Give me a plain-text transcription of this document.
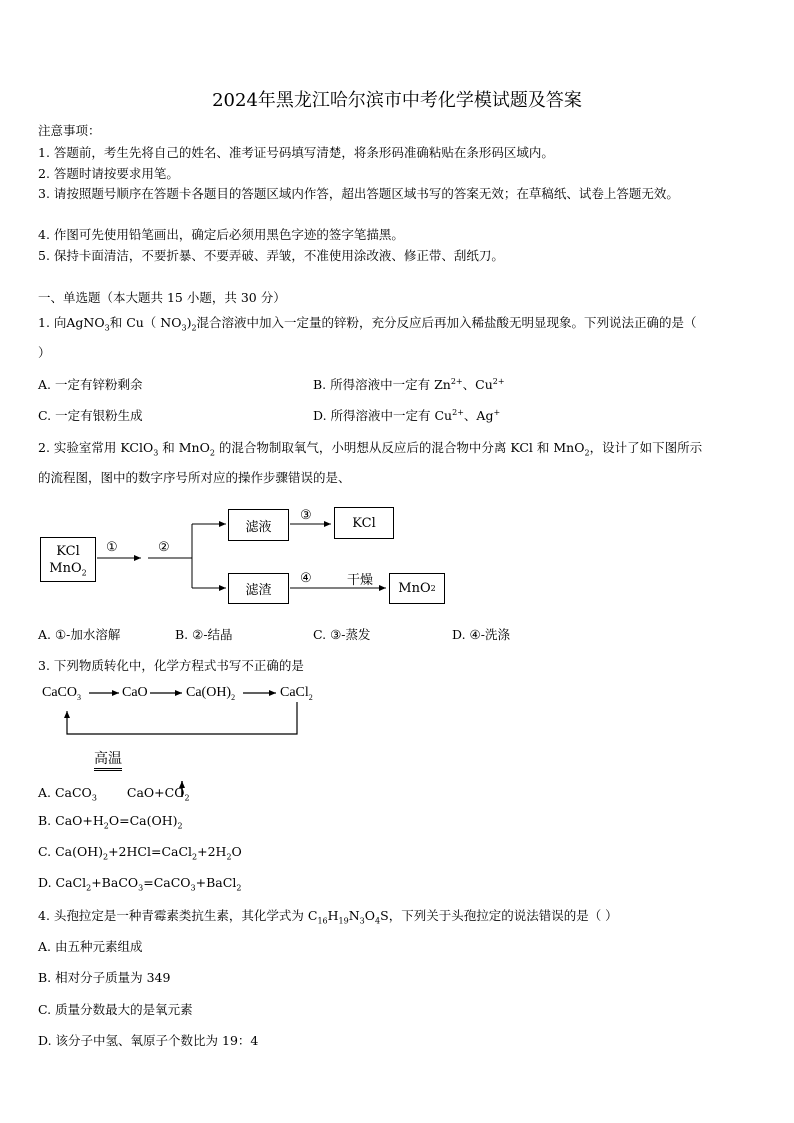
2024年黑龙江哈尔滨市中考化学模试题及答案
注意事项：
1. 答题前，考生先将自己的姓名、准考证号码填写清楚，将条形码准确粘贴在条形码区域内。
2. 答题时请按要求用笔。
3. 请按照题号顺序在答题卡各题目的答题区域内作答，超出答题区域书写的答案无效；在草稿纸、试卷上答题无效。
4. 作图可先使用铅笔画出，确定后必须用黑色字迹的签字笔描黑。
5. 保持卡面清洁，不要折暴、不要弄破、弄皱，不准使用涂改液、修正带、刮纸刀。
一、单选题（本大题共 15 小题，共 30 分）
1. 向AgNO$_3$和 Cu（ $NO_3)_2$混合溶液中加入一定量的锌粉，充分反应后再加入稀盐酸无明显现象。下列说法正确的是（
）
A. 一定有锌粉剩余	B. 所得溶液中一定有 $Zn^{2+}$、$Cu^{2+}$
C. 一定有银粉生成	D. 所得溶液中一定有 $Cu^{2+}$、Ag+
2. 实验室常用 KClO$_3$ 和 MnO$_2$ 的混合物制取氧气，小明想从反应后的混合物中分离 KCl 和 MnO$_2$，设计了如下图所示
的流程图，图中的数字序号所对应的操作步骤错误的是、
KCl
MnO$_2$
①	②
滤液
③	KCl
滤渣
④	干燥
MnO 2
A. ①-加水溶解	B. ②-结晶	C. ③-蒸发	D. ④-洗涤
3. 下列物质转化中，化学方程式书写不正确的是
CaCO$_3$	CaO	$Ca(OH)_2$	CaCl$_2$
高温
A. CaCO$_3$ $CaO+CO_2$
B. $CaO+H_2O=Ca(OH)_2$
C. $Ca(OH)_2+2HCl=CaCl_2+2H_2O$
D. CaCl$_2$+BaCO$_3$=CaCO$_3$+BaCl$_2$
4. 头孢拉定是一种青霉素类抗生素，其化学式为 $C_{16}H_{19}N_3O_4S$，下列关于头孢拉定的说法错误的是（ ）
A. 由五种元素组成
B. 相对分子质量为 349
C. 质量分数最大的是氧元素
D. 该分子中氢、氧原子个数比为 19：4
